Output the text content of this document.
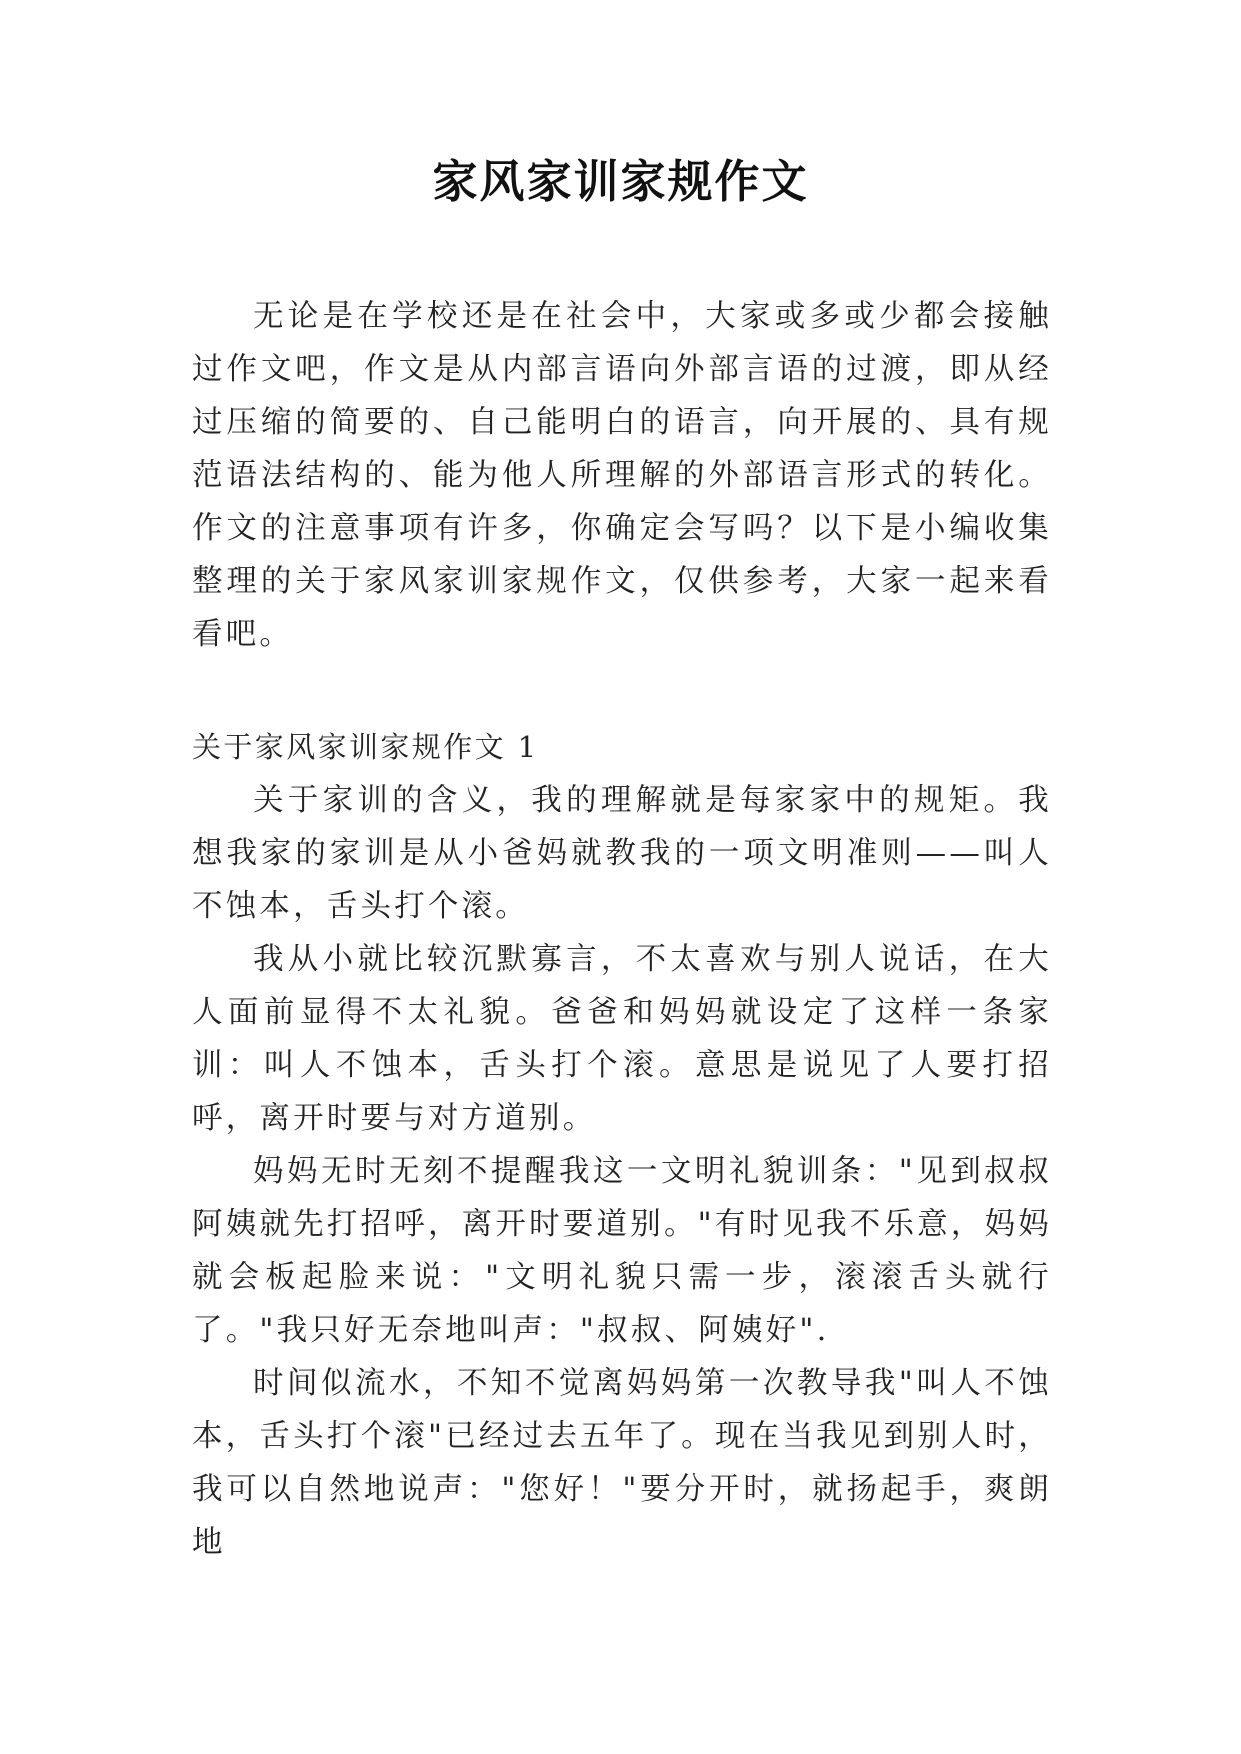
家风家训家规作文

无论是在学校还是在社会中，大家或多或少都会接触过作文吧，作文是从内部言语向外部言语的过渡，即从经过压缩的简要的、自己能明白的语言，向开展的、具有规范语法结构的、能为他人所理解的外部语言形式的转化。作文的注意事项有许多，你确定会写吗？以下是小编收集整理的关于家风家训家规作文，仅供参考，大家一起来看看吧。

关于家风家训家规作文 1

关于家训的含义，我的理解就是每家家中的规矩。我想我家的家训是从小爸妈就教我的一项文明准则——叫人不蚀本，舌头打个滚。

我从小就比较沉默寡言，不太喜欢与别人说话，在大人面前显得不太礼貌。爸爸和妈妈就设定了这样一条家训：叫人不蚀本，舌头打个滚。意思是说见了人要打招呼，离开时要与对方道别。

妈妈无时无刻不提醒我这一文明礼貌训条："见到叔叔阿姨就先打招呼，离开时要道别。"有时见我不乐意，妈妈就会板起脸来说："文明礼貌只需一步，滚滚舌头就行了。"我只好无奈地叫声："叔叔、阿姨好".

时间似流水，不知不觉离妈妈第一次教导我"叫人不蚀本，舌头打个滚"已经过去五年了。现在当我见到别人时，我可以自然地说声："您好！"要分开时，就扬起手，爽朗地
